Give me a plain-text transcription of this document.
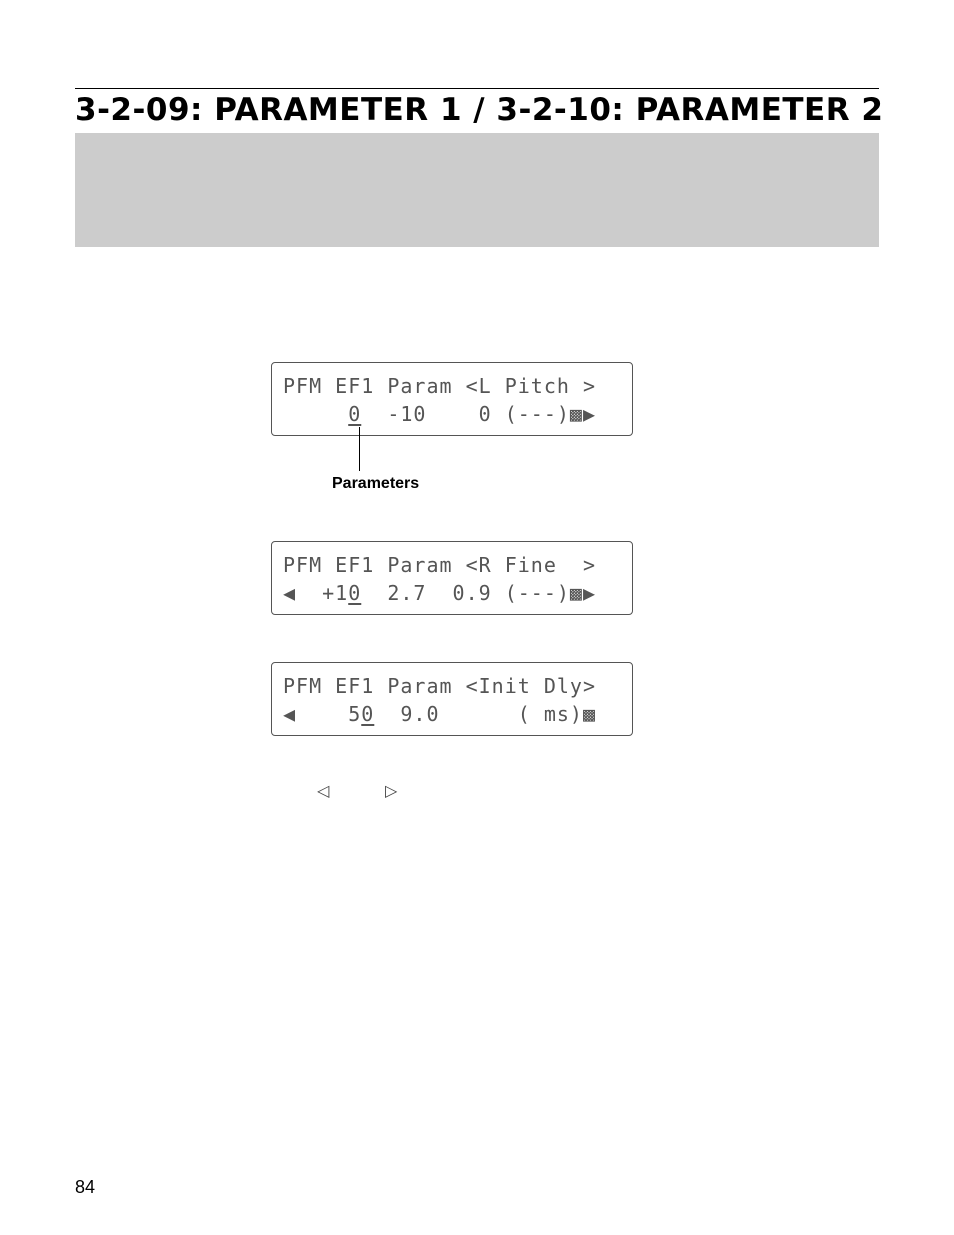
3-2-09: PARAMETER 1 / 3-2-10: PARAMETER 2
PFM EF1 Param <L Pitch >
0  -10    0 (---)▩▶
Parameters
PFM EF1 Param <R Fine  >
◀  +10  2.7  0.9 (---)▩▶
PFM EF1 Param <Init Dly>
◀    50  9.0      ( ms)▩
◁	▷
84
